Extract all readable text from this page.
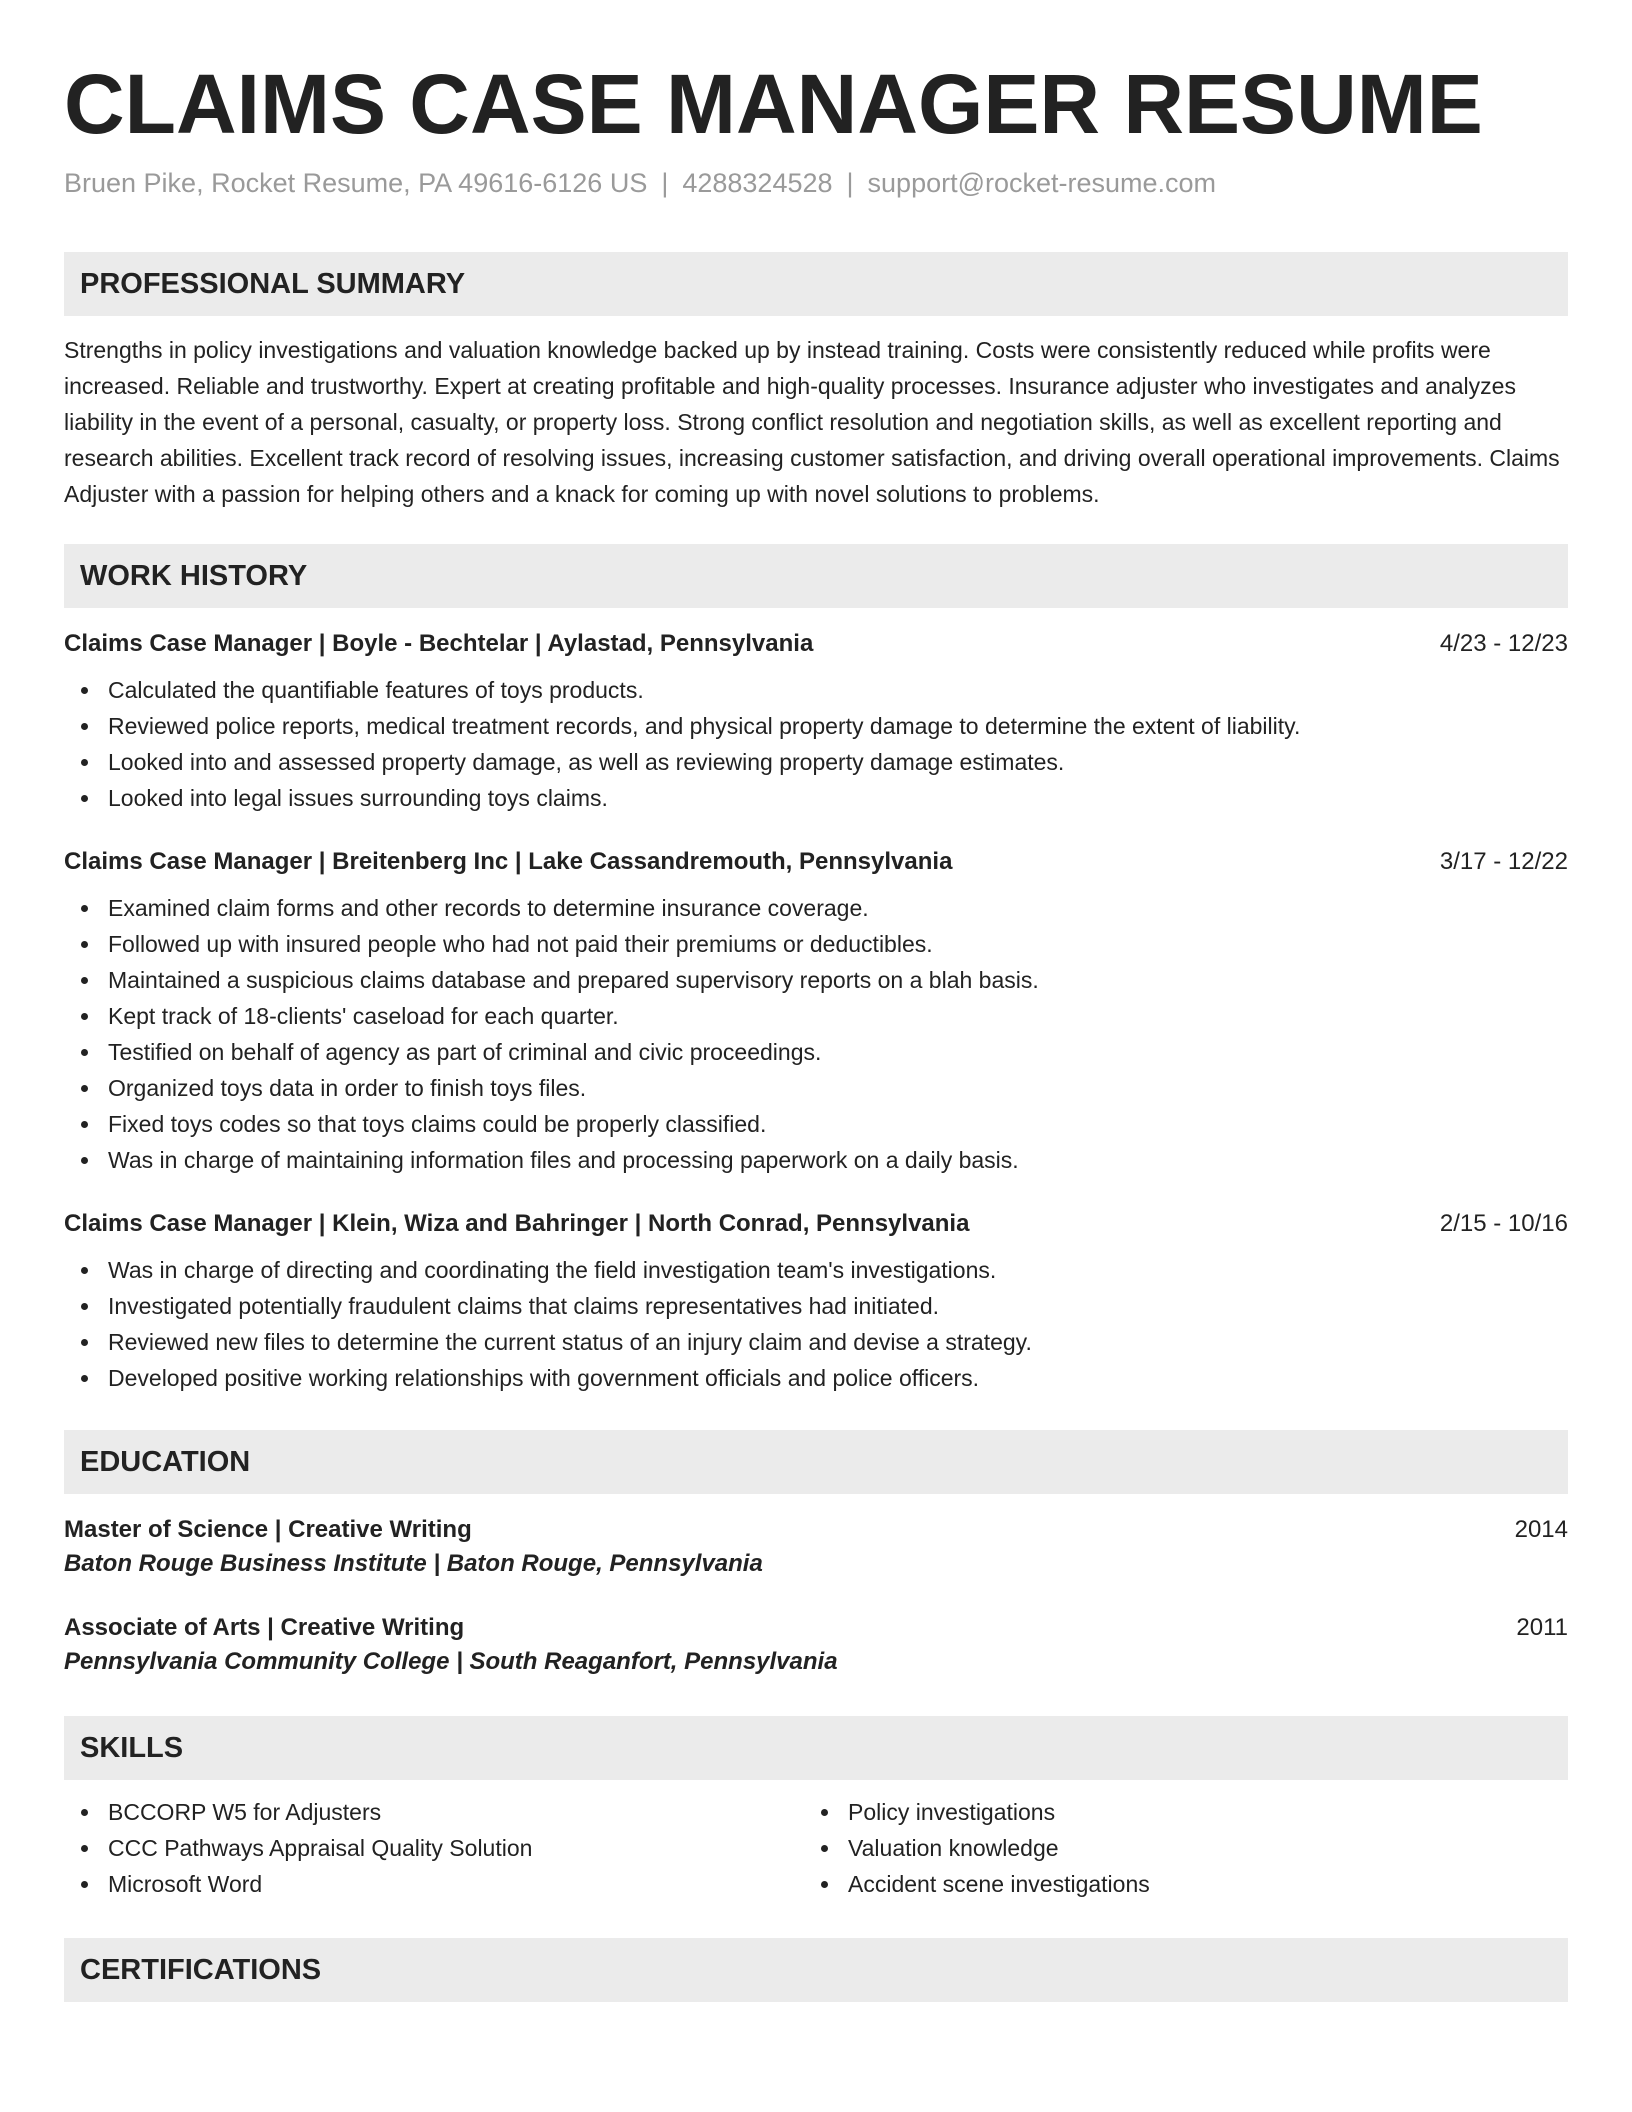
CLAIMS CASE MANAGER RESUME
Bruen Pike, Rocket Resume, PA 49616-6126 US | 4288324528 | support@rocket-resume.com
PROFESSIONAL SUMMARY
Strengths in policy investigations and valuation knowledge backed up by instead training. Costs were consistently reduced while profits were increased. Reliable and trustworthy. Expert at creating profitable and high-quality processes. Insurance adjuster who investigates and analyzes liability in the event of a personal, casualty, or property loss. Strong conflict resolution and negotiation skills, as well as excellent reporting and research abilities. Excellent track record of resolving issues, increasing customer satisfaction, and driving overall operational improvements. Claims Adjuster with a passion for helping others and a knack for coming up with novel solutions to problems.
WORK HISTORY
Claims Case Manager | Boyle - Bechtelar | Aylastad, Pennsylvania	4/23 - 12/23
Calculated the quantifiable features of toys products.
Reviewed police reports, medical treatment records, and physical property damage to determine the extent of liability.
Looked into and assessed property damage, as well as reviewing property damage estimates.
Looked into legal issues surrounding toys claims.
Claims Case Manager | Breitenberg Inc | Lake Cassandremouth, Pennsylvania	3/17 - 12/22
Examined claim forms and other records to determine insurance coverage.
Followed up with insured people who had not paid their premiums or deductibles.
Maintained a suspicious claims database and prepared supervisory reports on a blah basis.
Kept track of 18-clients' caseload for each quarter.
Testified on behalf of agency as part of criminal and civic proceedings.
Organized toys data in order to finish toys files.
Fixed toys codes so that toys claims could be properly classified.
Was in charge of maintaining information files and processing paperwork on a daily basis.
Claims Case Manager | Klein, Wiza and Bahringer | North Conrad, Pennsylvania	2/15 - 10/16
Was in charge of directing and coordinating the field investigation team's investigations.
Investigated potentially fraudulent claims that claims representatives had initiated.
Reviewed new files to determine the current status of an injury claim and devise a strategy.
Developed positive working relationships with government officials and police officers.
EDUCATION
Master of Science | Creative Writing	2014
Baton Rouge Business Institute | Baton Rouge, Pennsylvania
Associate of Arts | Creative Writing	2011
Pennsylvania Community College | South Reaganfort, Pennsylvania
SKILLS
BCCORP W5 for Adjusters
CCC Pathways Appraisal Quality Solution
Microsoft Word
Policy investigations
Valuation knowledge
Accident scene investigations
CERTIFICATIONS
